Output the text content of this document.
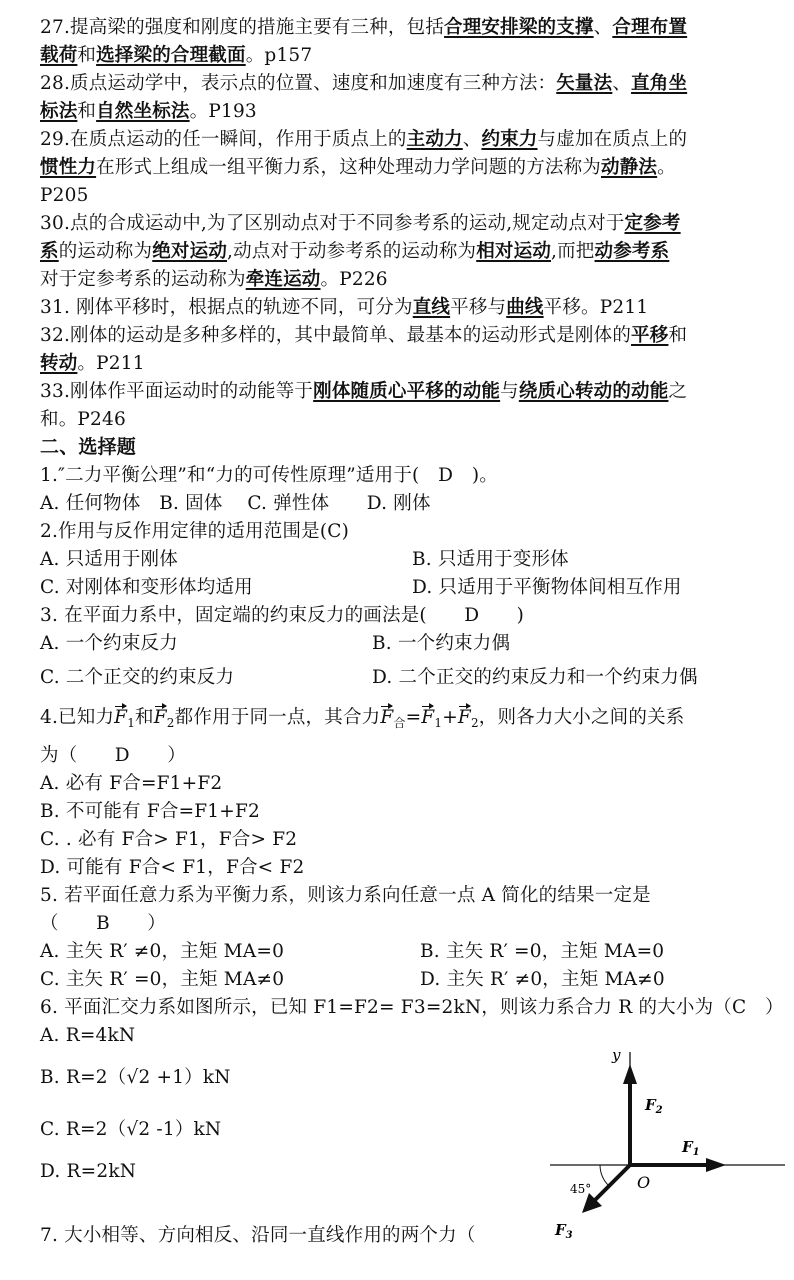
27.提高梁的强度和刚度的措施主要有三种，包括合理安排梁的支撑、合理布置
载荷和选择梁的合理截面。p157
28.质点运动学中，表示点的位置、速度和加速度有三种方法：矢量法、直角坐
标法和自然坐标法。P193
29.在质点运动的任一瞬间，作用于质点上的主动力、约束力与虚加在质点上的
惯性力在形式上组成一组平衡力系，这种处理动力学问题的方法称为动静法。
P205
30.点的合成运动中,为了区别动点对于不同参考系的运动,规定动点对于定参考
系的运动称为绝对运动,动点对于动参考系的运动称为相对运动,而把动参考系
对于定参考系的运动称为牵连运动。P226
31. 刚体平移时，根据点的轨迹不同，可分为直线平移与曲线平移。P211
32.刚体的运动是多种多样的，其中最简单、最基本的运动形式是刚体的平移和
转动。P211
33.刚体作平面运动时的动能等于刚体随质心平移的动能与绕质心转动的动能之
和。P246
二、选择题
1.″二力平衡公理”和“力的可传性原理”适用于(　D　)。
A. 任何物体　B. 固体　 C. 弹性体　　D. 刚体
2.作用与反作用定律的适用范围是(C)
A. 只适用于刚体	B. 只适用于变形体
C. 对刚体和变形体均适用	D. 只适用于平衡物体间相互作用
3. 在平面力系中，固定端的约束反力的画法是(　　D　　)
A. 一个约束反力	B. 一个约束力偶
C. 二个正交的约束反力	D. 二个正交的约束反力和一个约束力偶
4.已知力$F_1$和$F_2$都作用于同一点，其合力$F_合=F_1+F_2$，则各力大小之间的关系
为（　　D　　）
A. 必有 F合=F1+F2
B. 不可能有 F合=F1+F2
C. . 必有 F合> F1，F合> F2
D. 可能有 F合< F1，F合< F2
5. 若平面任意力系为平衡力系，则该力系向任意一点 A 简化的结果一定是
（　　B　　）
A. 主矢 R′ ≠0，主矩 MA=0	B. 主矢 R′ =0，主矩 MA=0
C. 主矢 R′ =0，主矩 MA≠0	D. 主矢 R′ ≠0，主矩 MA≠0
6. 平面汇交力系如图所示，已知 F1=F2= F3=2kN，则该力系合力 R 的大小为（C　）
A. R=4kN
B. R=2（√2 +1）kN
C. R=2（√2 -1）kN
D. R=2kN
7. 大小相等、方向相反、沿同一直线作用的两个力（
y
$F_2$
$F_1$
O
45°
$F_3$
